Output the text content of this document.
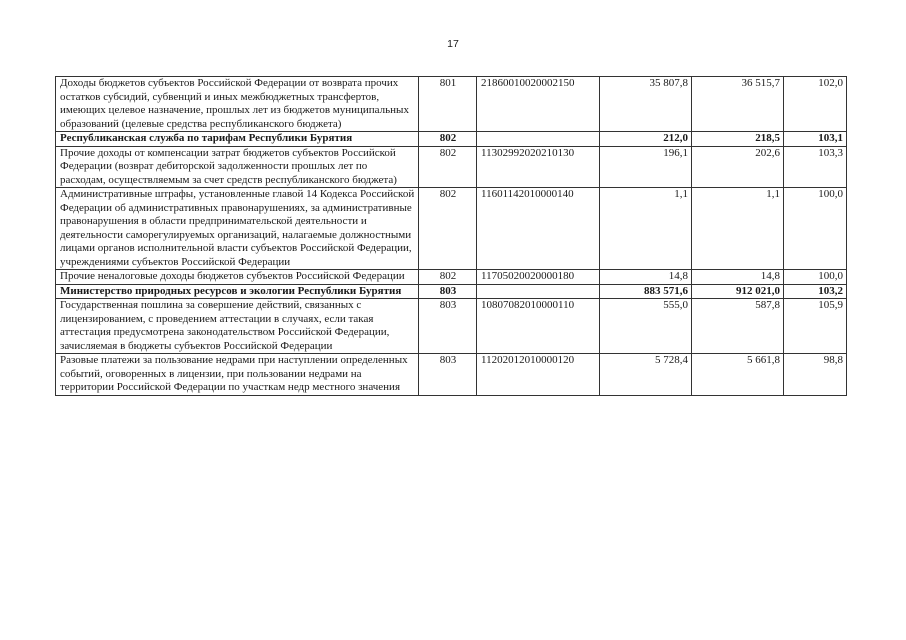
17
Доходы бюджетов субъектов Российской Федерации от возврата прочих остатков субсидий, субвенций и иных межбюджетных трансфертов, имеющих целевое назначение, прошлых лет из бюджетов муниципальных образований (целевые средства республиканского бюджета)	801	21860010020002150	35 807,8	36 515,7	102,0
Республиканская служба по тарифам Республики Бурятия	802		212,0	218,5	103,1
Прочие доходы от компенсации затрат бюджетов субъектов Российской Федерации (возврат дебиторской задолженности прошлых лет по расходам, осуществляемым за счет средств республиканского бюджета)	802	11302992020210130	196,1	202,6	103,3
Административные штрафы, установленные главой 14 Кодекса Российской Федерации об административных правонарушениях, за административные правонарушения в области предпринимательской деятельности и деятельности саморегулируемых организаций, налагаемые должностными лицами органов исполнительной власти субъектов Российской Федерации, учреждениями субъектов Российской Федерации	802	11601142010000140	1,1	1,1	100,0
Прочие неналоговые доходы бюджетов субъектов Российской Федерации	802	11705020020000180	14,8	14,8	100,0
Министерство природных ресурсов и экологии Республики Бурятия	803		883 571,6	912 021,0	103,2
Государственная пошлина за совершение действий, связанных с лицензированием, с проведением аттестации в случаях, если такая аттестация предусмотрена законодательством Российской Федерации, зачисляемая в бюджеты субъектов Российской Федерации	803	10807082010000110	555,0	587,8	105,9
Разовые платежи за пользование недрами при наступлении определенных событий, оговоренных в лицензии, при пользовании недрами на территории Российской Федерации по участкам недр местного значения	803	11202012010000120	5 728,4	5 661,8	98,8
